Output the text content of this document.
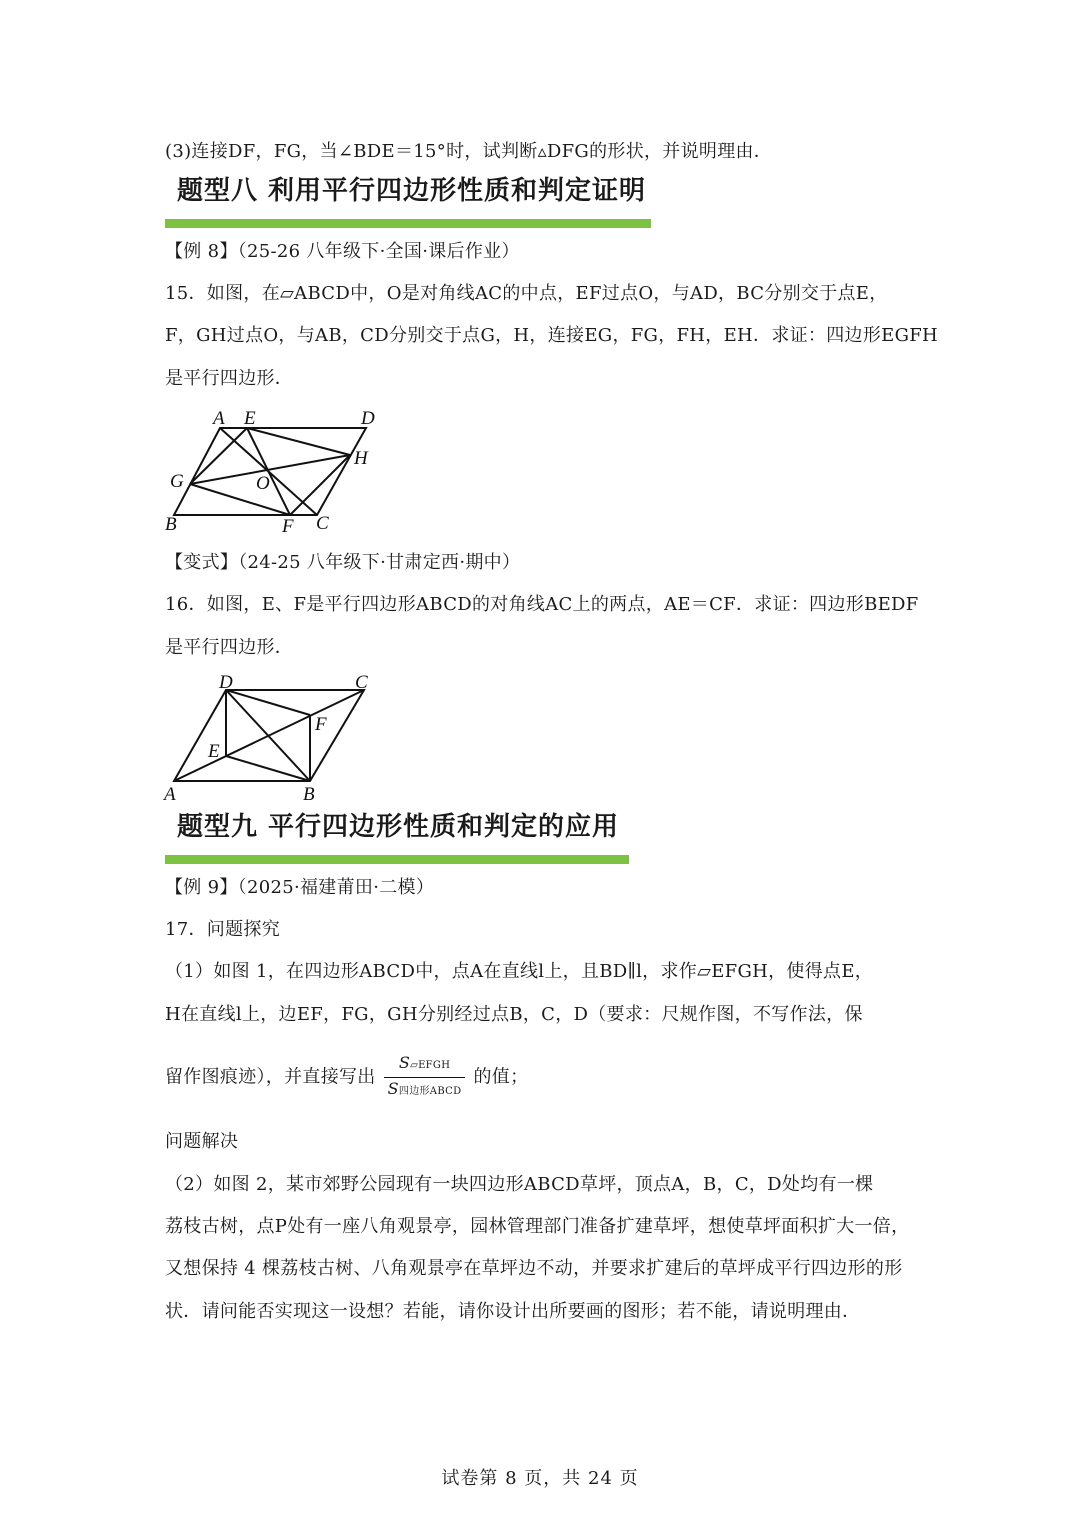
(3)连接DF，FG，当∠BDE＝15°时，试判断▵DFG的形状，并说明理由．
题型八 利用平行四边形性质和判定证明
【例 8】（25-26 八年级下·全国·课后作业）
15．如图，在▱ABCD中，O是对角线AC的中点，EF过点O，与AD，BC分别交于点E，
F，GH过点O，与AB，CD分别交于点G，H，连接EG，FG，FH，EH．求证：四边形EGFH
是平行四边形．
A E	D
H
G	O
B	F C
【变式】（24-25 八年级下·甘肃定西·期中）
16．如图，E、F是平行四边形ABCD的对角线AC上的两点，AE＝CF．求证：四边形BEDF
是平行四边形．
D	C
F
E
A	B
题型九 平行四边形性质和判定的应用
【例 9】（2025·福建莆田·二模）
17．问题探究
（1）如图 1，在四边形ABCD中，点A在直线l上，且BD∥l，求作▱EFGH，使得点E，
H在直线l上，边EF，FG，GH分别经过点B，C，D（要求：尺规作图，不写作法，保
留作图痕迹），并直接写出 $\frac{\text{S▱EFGH}}{\text{S四边形ABCD}}$ 的值；
问题解决
（2）如图 2，某市郊野公园现有一块四边形ABCD草坪，顶点A，B，C，D处均有一棵
荔枝古树，点P处有一座八角观景亭，园林管理部门准备扩建草坪，想使草坪面积扩大一倍，
又想保持 4 棵荔枝古树、八角观景亭在草坪边不动，并要求扩建后的草坪成平行四边形的形
状．请问能否实现这一设想？若能，请你设计出所要画的图形；若不能，请说明理由．
试卷第 8 页，共 24 页
